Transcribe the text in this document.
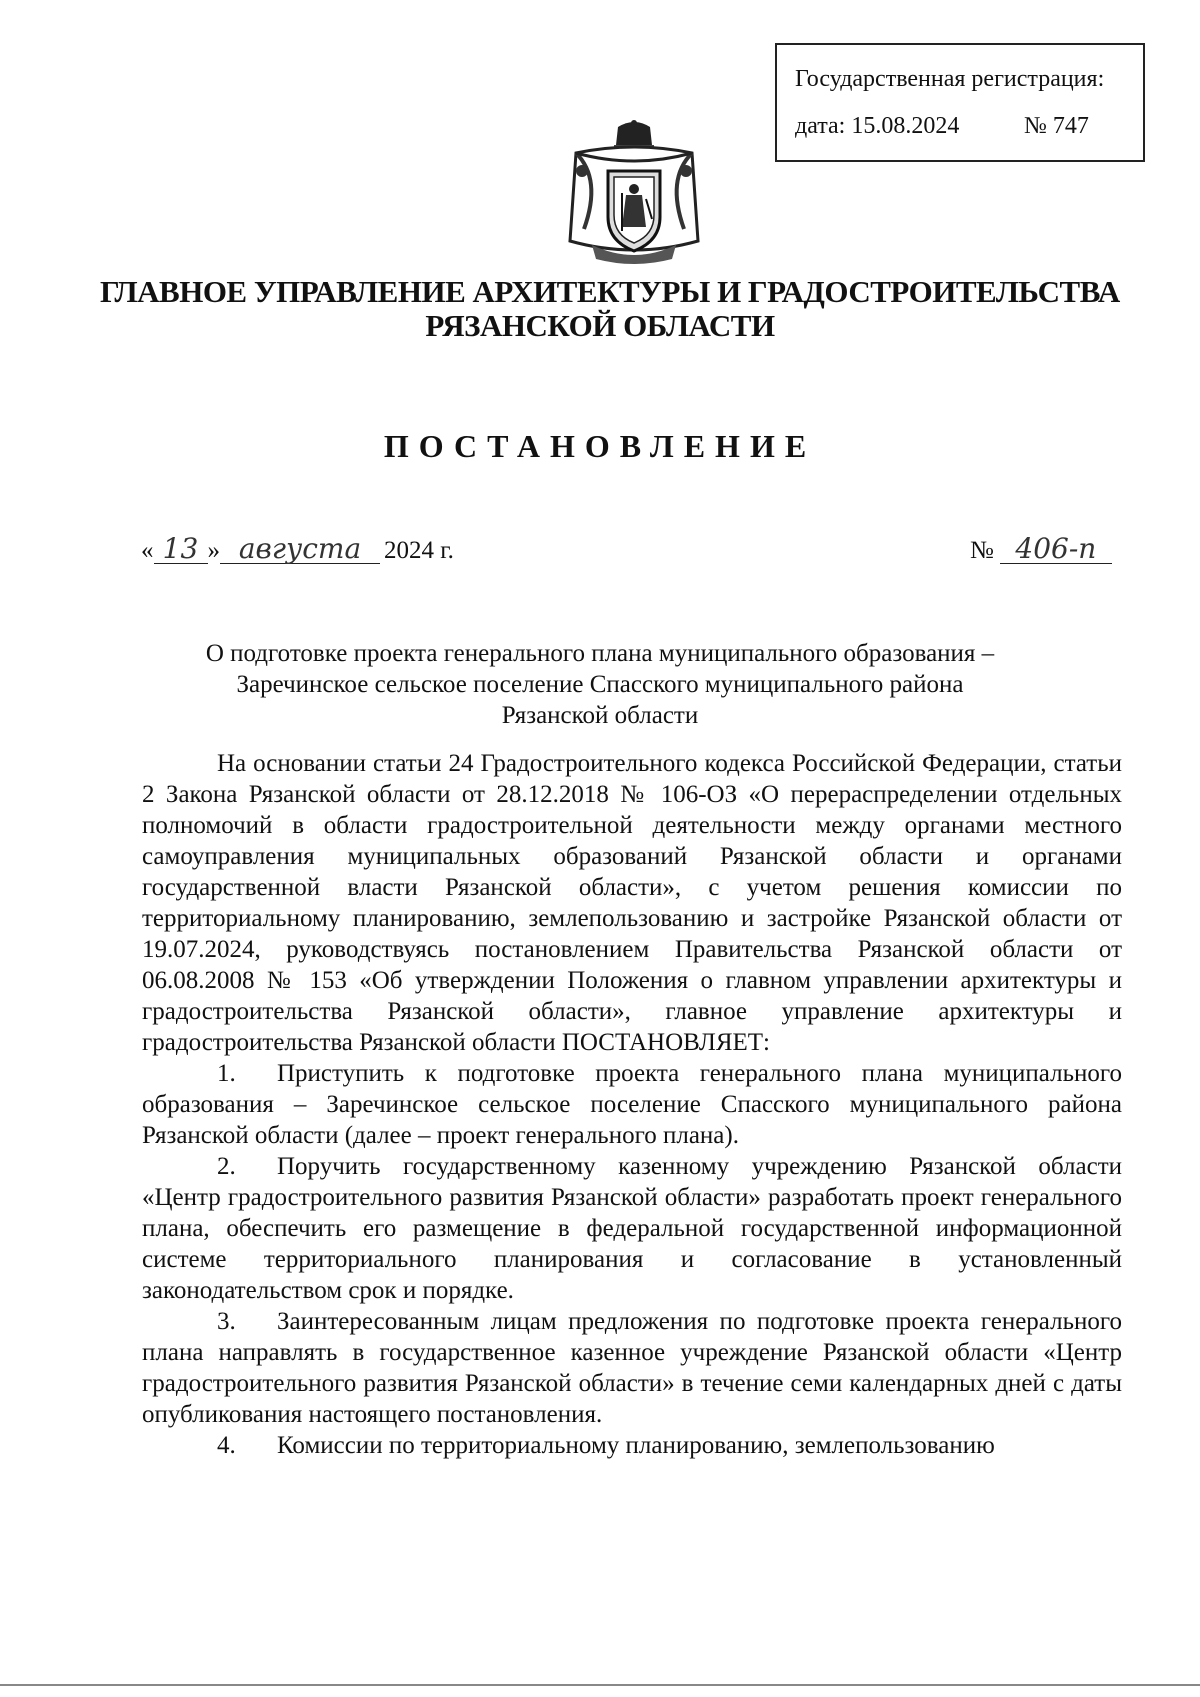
Государственная регистрация:
дата: 15.08.2024	№ 747
ГЛАВНОЕ УПРАВЛЕНИЕ АРХИТЕКТУРЫ И ГРАДОСТРОИТЕЛЬСТВА
РЯЗАНСКОЙ ОБЛАСТИ
ПОСТАНОВЛЕНИЕ
« 13 » августа 2024 г.	№ 406-п
О подготовке проекта генерального плана муниципального образования –
Заречинское сельское поселение Спасского муниципального района
Рязанской области

На основании статьи 24 Градостроительного кодекса Российской Федерации, статьи 2 Закона Рязанской области от 28.12.2018 № 106-ОЗ «О перераспределении отдельных полномочий в области градостроительной деятельности между органами местного самоуправления муниципальных образований Рязанской области и органами государственной власти Рязанской области», с учетом решения комиссии по территориальному планированию, землепользованию и застройке Рязанской области от 19.07.2024, руководствуясь постановлением Правительства Рязанской области от 06.08.2008 № 153 «Об утверждении Положения о главном управлении архитектуры и градостроительства Рязанской области», главное управление архитектуры и градостроительства Рязанской области ПОСТАНОВЛЯЕТ:

1. Приступить к подготовке проекта генерального плана муниципального образования – Заречинское сельское поселение Спасского муниципального района Рязанской области (далее – проект генерального плана).

2. Поручить государственному казенному учреждению Рязанской области «Центр градостроительного развития Рязанской области» разработать проект генерального плана, обеспечить его размещение в федеральной государственной информационной системе территориального планирования и согласование в установленный законодательством срок и порядке.

3. Заинтересованным лицам предложения по подготовке проекта генерального плана направлять в государственное казенное учреждение Рязанской области «Центр градостроительного развития Рязанской области» в течение семи календарных дней с даты опубликования настоящего постановления.

4. Комиссии по территориальному планированию, землепользованию
